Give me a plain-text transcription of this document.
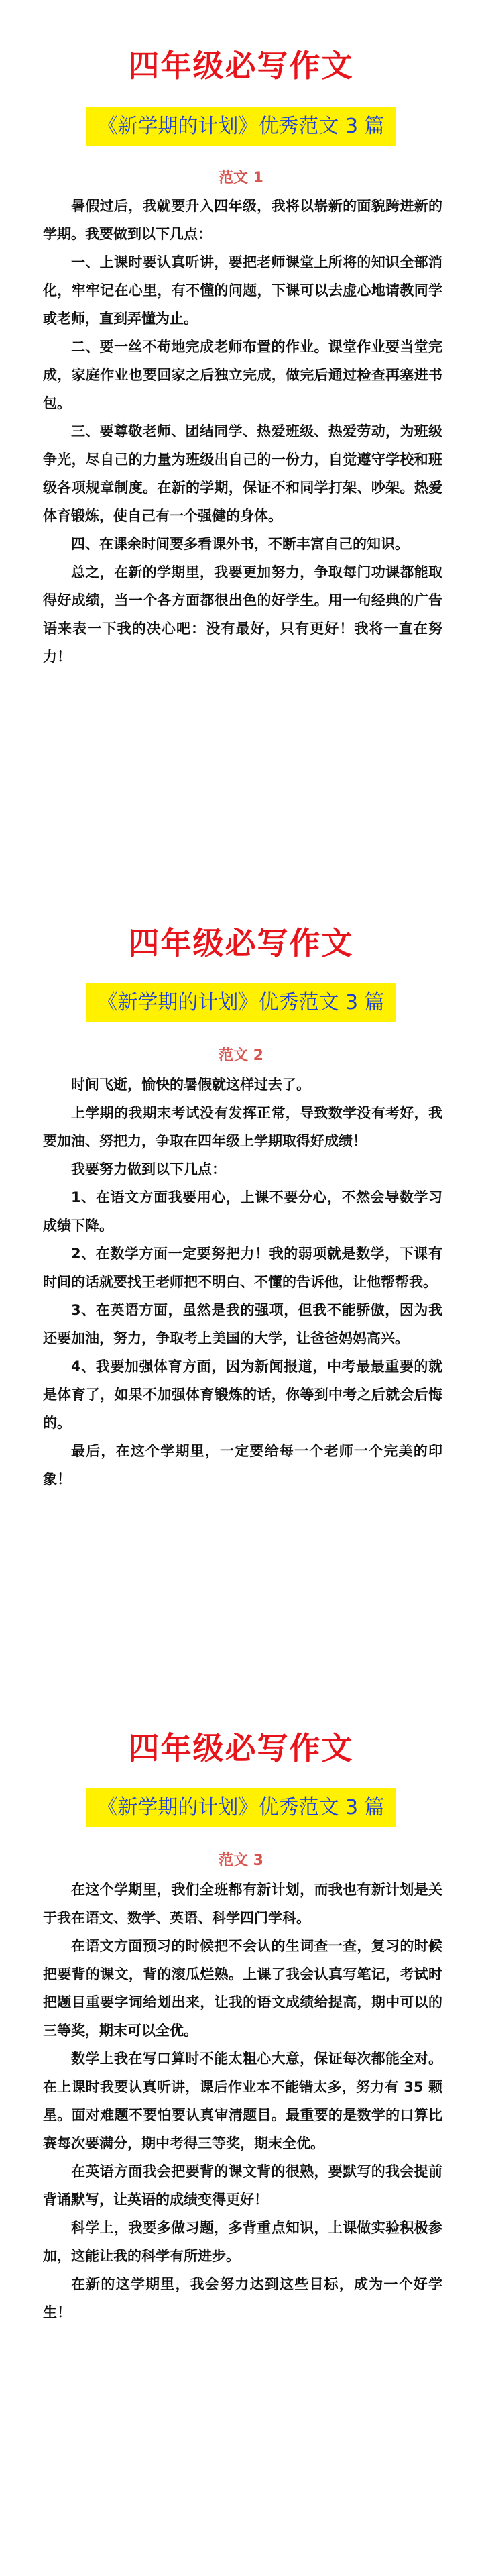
四年级必写作文
《新学期的计划》优秀范文 3 篇
范文 1

暑假过后，我就要升入四年级，我将以崭新的面貌跨进新的学期。我要做到以下几点：

一、上课时要认真听讲，要把老师课堂上所将的知识全部消化，牢牢记在心里，有不懂的问题，下课可以去虚心地请教同学或老师，直到弄懂为止。

二、要一丝不苟地完成老师布置的作业。课堂作业要当堂完成，家庭作业也要回家之后独立完成，做完后通过检查再塞进书包。

三、要尊敬老师、团结同学、热爱班级、热爱劳动，为班级争光，尽自己的力量为班级出自己的一份力，自觉遵守学校和班级各项规章制度。在新的学期，保证不和同学打架、吵架。热爱体育锻炼，使自己有一个强健的身体。

四、在课余时间要多看课外书，不断丰富自己的知识。

总之，在新的学期里，我要更加努力，争取每门功课都能取得好成绩，当一个各方面都很出色的好学生。用一句经典的广告语来表一下我的决心吧：没有最好，只有更好！我将一直在努力！

四年级必写作文
《新学期的计划》优秀范文 3 篇
范文 2

时间飞逝，愉快的暑假就这样过去了。

上学期的我期末考试没有发挥正常，导致数学没有考好，我要加油、努把力，争取在四年级上学期取得好成绩！

我要努力做到以下几点：

1、在语文方面我要用心，上课不要分心，不然会导数学习成绩下降。

2、在数学方面一定要努把力！我的弱项就是数学，下课有时间的话就要找王老师把不明白、不懂的告诉他，让他帮帮我。

3、在英语方面，虽然是我的强项，但我不能骄傲，因为我还要加油，努力，争取考上美国的大学，让爸爸妈妈高兴。

4、我要加强体育方面，因为新闻报道，中考最最重要的就是体育了，如果不加强体育锻炼的话，你等到中考之后就会后悔的。

最后，在这个学期里，一定要给每一个老师一个完美的印象！

四年级必写作文
《新学期的计划》优秀范文 3 篇
范文 3

在这个学期里，我们全班都有新计划，而我也有新计划是关于我在语文、数学、英语、科学四门学科。

在语文方面预习的时候把不会认的生词查一查，复习的时候把要背的课文，背的滚瓜烂熟。上课了我会认真写笔记，考试时把题目重要字词给划出来，让我的语文成绩给提高，期中可以的三等奖，期末可以全优。

数学上我在写口算时不能太粗心大意，保证每次都能全对。在上课时我要认真听讲，课后作业本不能错太多，努力有 35 颗星。面对难题不要怕要认真审清题目。最重要的是数学的口算比赛每次要满分，期中考得三等奖，期末全优。

在英语方面我会把要背的课文背的很熟，要默写的我会提前背诵默写，让英语的成绩变得更好！

科学上，我要多做习题，多背重点知识，上课做实验积极参加，这能让我的科学有所进步。

在新的这学期里，我会努力达到这些目标，成为一个好学生！
